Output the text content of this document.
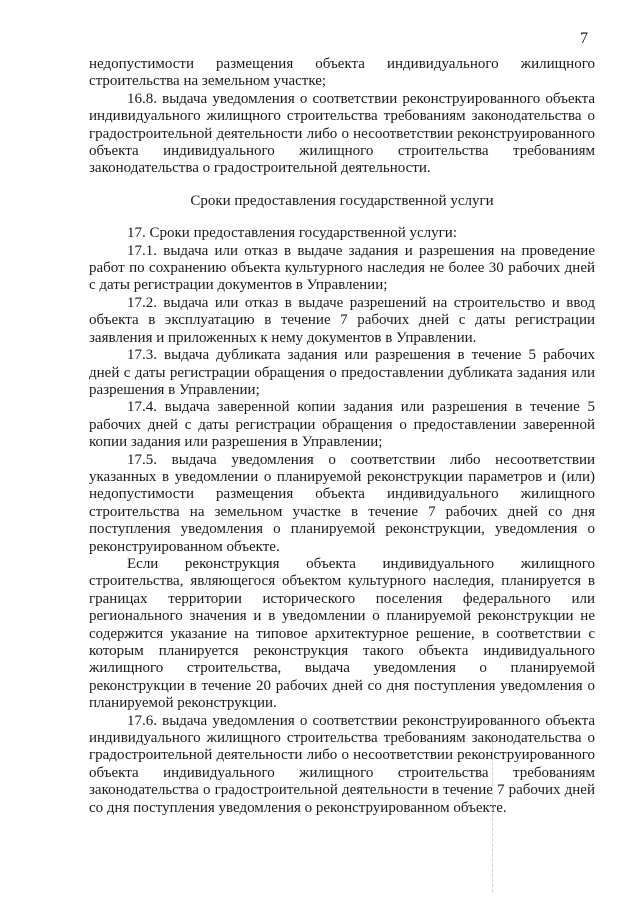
7

недопустимости размещения объекта индивидуального жилищного строительства на земельном участке;

16.8. выдача уведомления о соответствии реконструированного объекта индивидуального жилищного строительства требованиям законодательства о градостроительной деятельности либо о несоответствии реконструированного объекта индивидуального жилищного строительства требованиям законодательства о градостроительной деятельности.

Сроки предоставления государственной услуги

17. Сроки предоставления государственной услуги:

17.1. выдача или отказ в выдаче задания и разрешения на проведение работ по сохранению объекта культурного наследия не более 30 рабочих дней с даты регистрации документов в Управлении;

17.2. выдача или отказ в выдаче разрешений на строительство и ввод объекта в эксплуатацию в течение 7 рабочих дней с даты регистрации заявления и приложенных к нему документов в Управлении.

17.3. выдача дубликата задания или разрешения в течение 5 рабочих дней с даты регистрации обращения о предоставлении дубликата задания или разрешения в Управлении;

17.4. выдача заверенной копии задания или разрешения в течение 5 рабочих дней с даты регистрации обращения о предоставлении заверенной копии задания или разрешения в Управлении;

17.5. выдача уведомления о соответствии либо несоответствии указанных в уведомлении о планируемой реконструкции параметров и (или) недопустимости размещения объекта индивидуального жилищного строительства на земельном участке в течение 7 рабочих дней со дня поступления уведомления о планируемой реконструкции, уведомления о реконструированном объекте.

Если реконструкция объекта индивидуального жилищного строительства, являющегося объектом культурного наследия, планируется в границах территории исторического поселения федерального или регионального значения и в уведомлении о планируемой реконструкции не содержится указание на типовое архитектурное решение, в соответствии с которым планируется реконструкция такого объекта индивидуального жилищного строительства, выдача уведомления о планируемой реконструкции в течение 20 рабочих дней со дня поступления уведомления о планируемой реконструкции.

17.6. выдача уведомления о соответствии реконструированного объекта индивидуального жилищного строительства требованиям законодательства о градостроительной деятельности либо о несоответствии реконструированного объекта индивидуального жилищного строительства требованиям законодательства о градостроительной деятельности в течение 7 рабочих дней со дня поступления уведомления о реконструированном объекте.
